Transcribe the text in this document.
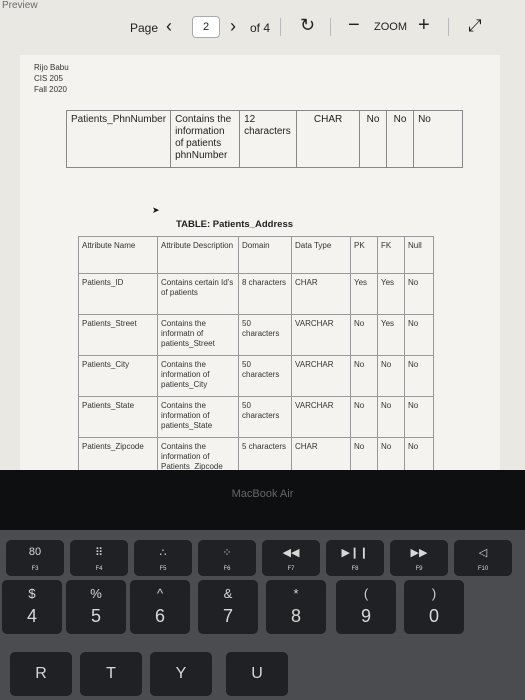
Preview
Page ‹	2	› of 4 ↻ − ZOOM + ⤢
Rijo Babu
CIS 205
Fall 2020
Patients_PhnNumber	Contains the information of patients phnNumber	12 characters	CHAR	No	No	No
➤
TABLE: Patients_Address
Attribute Name	Attribute Description	Domain	Data Type	PK	FK	Null
Patients_ID	Contains certain Id's of patients	8 characters	CHAR	Yes	Yes	No
Patients_Street	Contains the informatn of patients_Street	50 characters	VARCHAR	No	Yes	No
Patients_City	Contains the information of patients_City	50 characters	VARCHAR	No	No	No
Patients_State	Contains the information of patients_State	50 characters	VARCHAR	No	No	No
Patients_Zipcode	Contains the information of Patients_Zipcode	5 characters	CHAR	No	No	No
MacBook Air
80
F3
⠿
F4
∴
F5
⁘
F6
◀◀
F7
▶❙❙
F8
▶▶
F9
◁
F10
$
4
%
5
^
6
&
7
*
8
(
9
)
0
R	T	Y	U
